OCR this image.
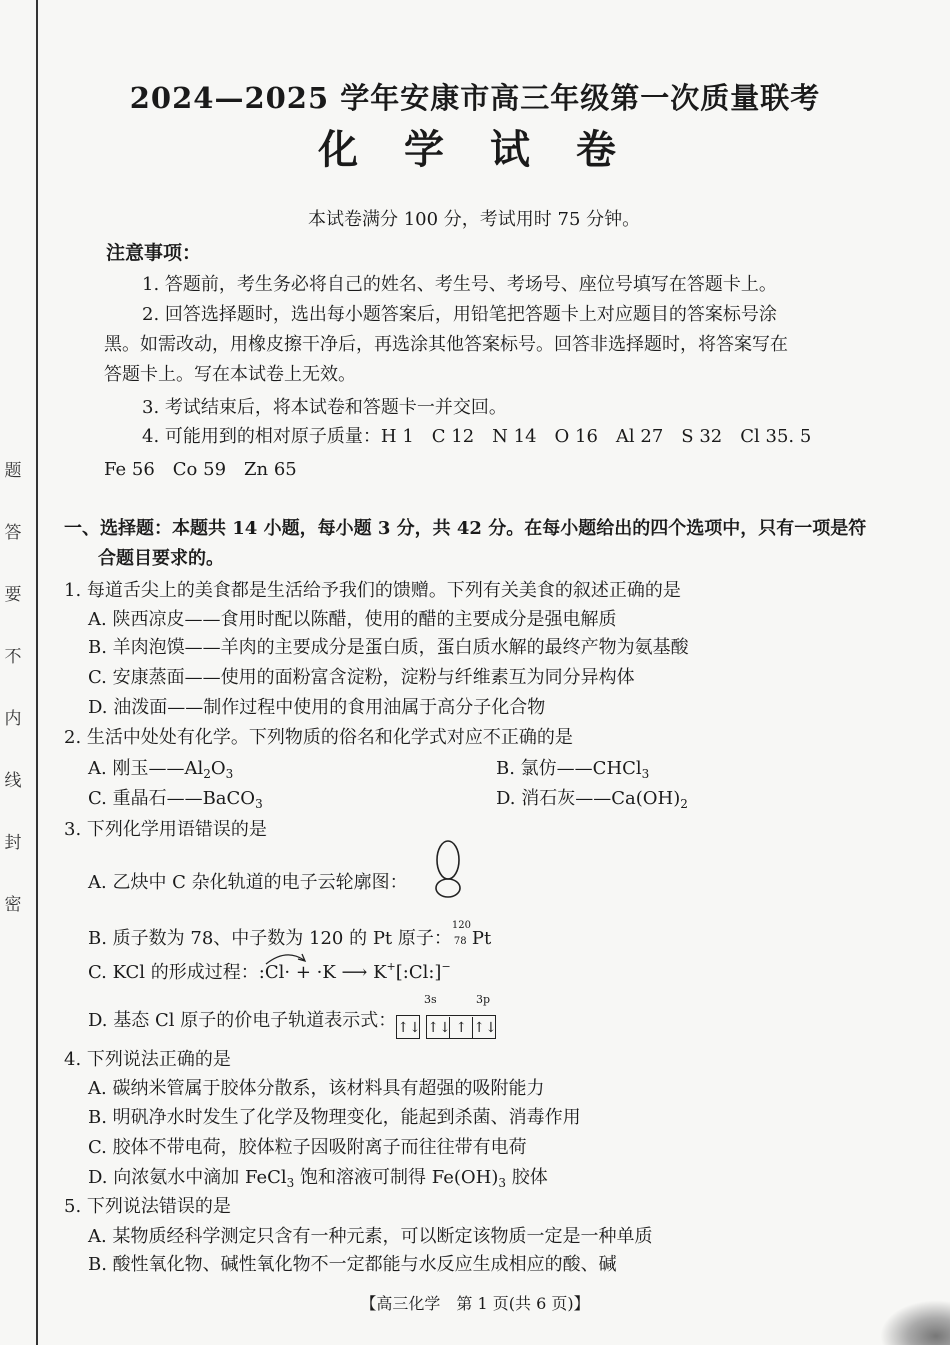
题
答
要
不
内
线
封
密
2024—2025 学年安康市高三年级第一次质量联考
化 学 试 卷
本试卷满分 100 分，考试用时 75 分钟。
注意事项：
1. 答题前，考生务必将自己的姓名、考生号、考场号、座位号填写在答题卡上。
2. 回答选择题时，选出每小题答案后，用铅笔把答题卡上对应题目的答案标号涂
黑。如需改动，用橡皮擦干净后，再选涂其他答案标号。回答非选择题时，将答案写在
答题卡上。写在本试卷上无效。
3. 考试结束后，将本试卷和答题卡一并交回。
4. 可能用到的相对原子质量：H 1　C 12　N 14　O 16　Al 27　S 32　Cl 35. 5
Fe 56　Co 59　Zn 65
一、选择题：本题共 14 小题，每小题 3 分，共 42 分。在每小题给出的四个选项中，只有一项是符
合题目要求的。
1. 每道舌尖上的美食都是生活给予我们的馈赠。下列有关美食的叙述正确的是
A. 陕西凉皮——食用时配以陈醋，使用的醋的主要成分是强电解质
B. 羊肉泡馍——羊肉的主要成分是蛋白质，蛋白质水解的最终产物为氨基酸
C. 安康蒸面——使用的面粉富含淀粉，淀粉与纤维素互为同分异构体
D. 油泼面——制作过程中使用的食用油属于高分子化合物
2. 生活中处处有化学。下列物质的俗名和化学式对应不正确的是
A. 刚玉$——Al_2O_3$	B. 氯仿——CHCl$_3$
C. 重晶石——BaCO$_3$	D. 消石灰$——Ca(OH)_2$
3. 下列化学用语错误的是
A. 乙炔中 C 杂化轨道的电子云轮廓图：
B. 质子数为 78、中子数为 120 的 Pt 原子：
120
78 Pt
C. KCl 的形成过程：:Cl· + ·K ⟶ K+[:Cl:]−
3s	3p
D. 基态 Cl 原子的价电子轨道表示式：↑↓ ↑↓ ↑ ↑↓
4. 下列说法正确的是
A. 碳纳米管属于胶体分散系，该材料具有超强的吸附能力
B. 明矾净水时发生了化学及物理变化，能起到杀菌、消毒作用
C. 胶体不带电荷，胶体粒子因吸附离子而往往带有电荷
D. 向浓氨水中滴加 FeCl$_3$ 饱和溶液可制得 $Fe(OH)_3$ 胶体
5. 下列说法错误的是
A. 某物质经科学测定只含有一种元素，可以断定该物质一定是一种单质
B. 酸性氧化物、碱性氧化物不一定都能与水反应生成相应的酸、碱
【高三化学　第 1 页(共 6 页)】
